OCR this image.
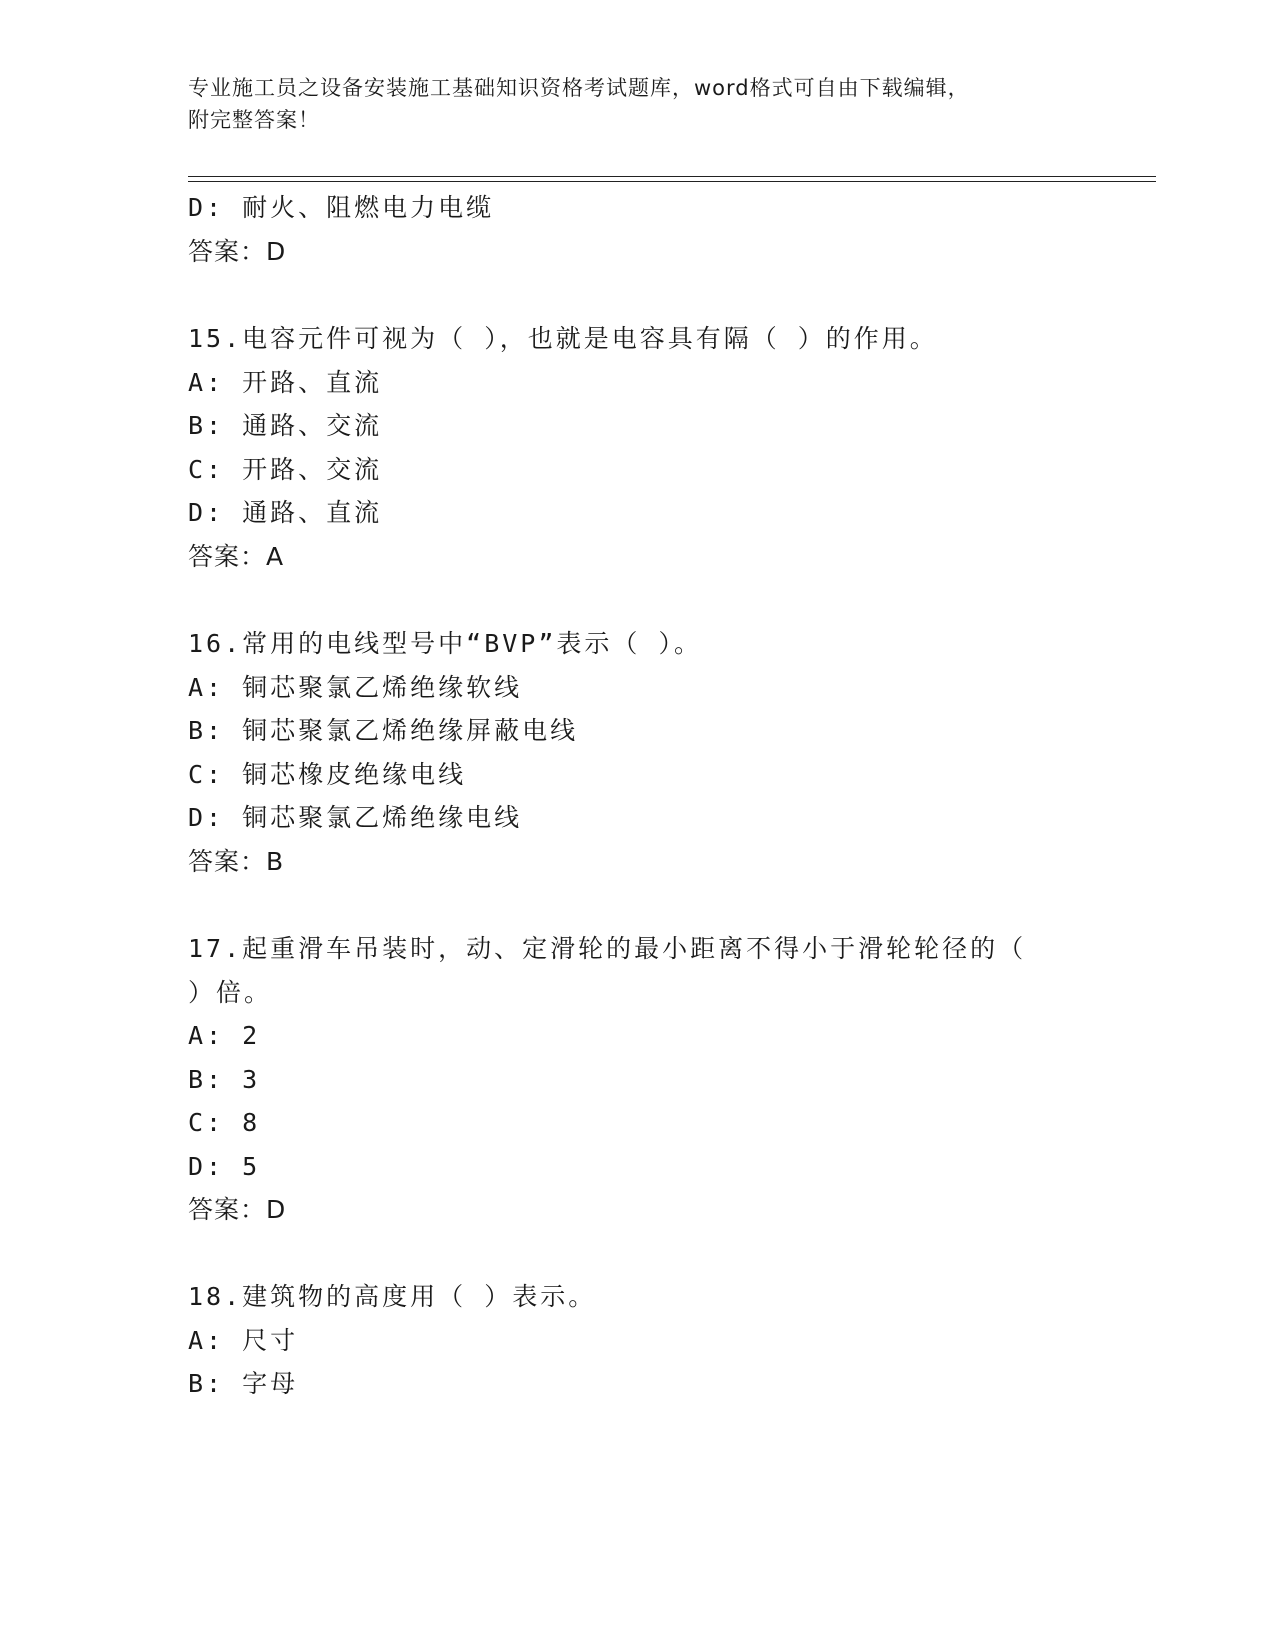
专业施工员之设备安装施工基础知识资格考试题库，word格式可自由下载编辑，
附完整答案！
D: 耐火、阻燃电力电缆
答案：D
15.电容元件可视为（ ），也就是电容具有隔（ ）的作用。
A: 开路、直流
B: 通路、交流
C: 开路、交流
D: 通路、直流
答案：A
16.常用的电线型号中“BVP”表示（ ）。
A: 铜芯聚氯乙烯绝缘软线
B: 铜芯聚氯乙烯绝缘屏蔽电线
C: 铜芯橡皮绝缘电线
D: 铜芯聚氯乙烯绝缘电线
答案：B
17.起重滑车吊装时，动、定滑轮的最小距离不得小于滑轮轮径的（
）倍。
A: 2
B: 3
C: 8
D: 5
答案：D
18.建筑物的高度用（ ）表示。
A: 尺寸
B: 字母
